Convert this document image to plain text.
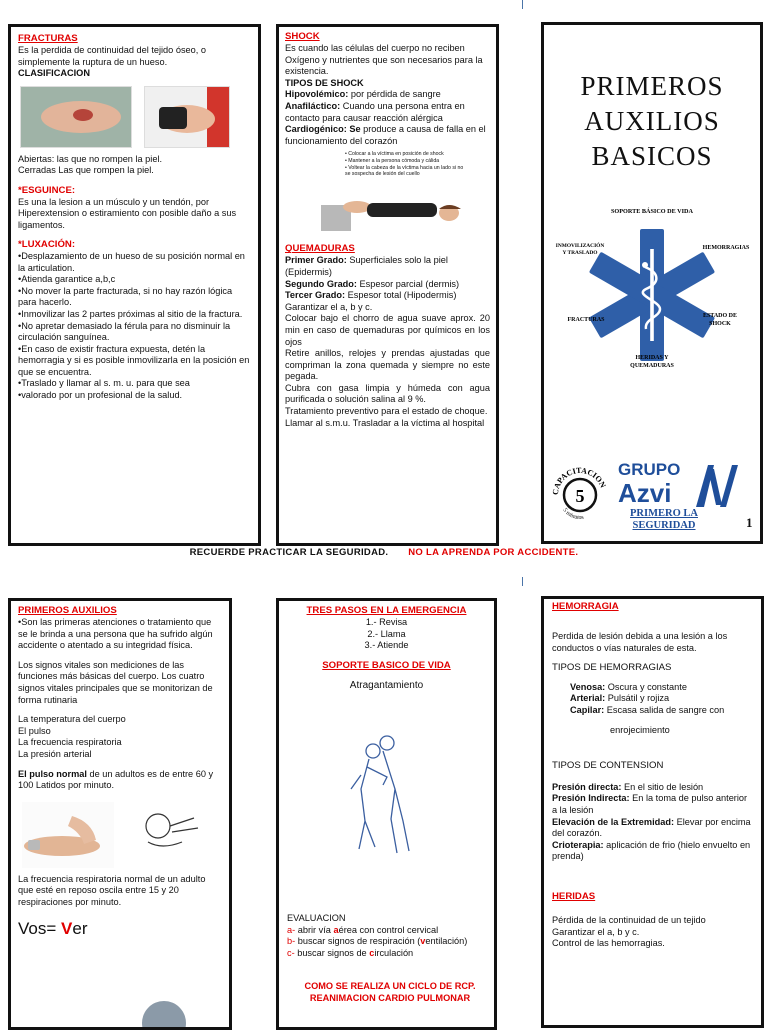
FRACTURAS

Es la perdida de continuidad del tejido óseo, o simplemente la ruptura de un hueso.

CLASIFICACION

Abiertas: las que no rompen la piel.

Cerradas Las que rompen la piel.

*ESGUINCE:

Es una la lesion a un músculo y un tendón, por Hiperextension o estiramiento con posible daño a sus ligamentos.

*LUXACIÓN:

•Desplazamiento de un hueso de su posición normal en la articulation.

•Atienda garantice a,b,c

•No mover la parte fracturada, si no hay razón lógica para hacerlo.

•Inmovilizar las 2 partes próximas al sitio de la fractura.

•No apretar demasiado la férula para no disminuir la circulación sanguínea.

•En caso de existir fractura expuesta, detén la hemorragia y si es posible inmovilizarla en la posición en que se encuentra.

•Traslado y llamar al s. m. u. para que sea

•valorado por un profesional de la salud.

SHOCK

Es cuando las células del cuerpo no reciben Oxígeno y nutrientes que son necesarios para la existencia.

TIPOS DE SHOCK

Hipovolémico: por pérdida de sangre

Anafiláctico: Cuando una persona entra en contacto para causar reacción alérgica

Cardiogénico: Se produce a causa de falla en el funcionamiento del corazón

• Colocar a la víctima en posición de shock

• Mantener a la persona cómoda y cálida

• Voltear la cabeza de la víctima hacia un lado si no se sospecha de lesión del cuello

QUEMADURAS

Primer Grado: Superficiales solo la piel (Epidermis)

Segundo Grado: Espesor parcial (dermis)

Tercer Grado: Espesor total (Hipodermis)

Garantizar el a, b y c.

Colocar bajo el chorro de agua suave aprox. 20 min en caso de quemaduras por químicos en los ojos

Retire anillos, relojes y prendas ajustadas que compriman la zona quemada y siempre no este pegada.

Cubra con gasa limpia y húmeda con agua purificada o solución salina al 9 %.

Tratamiento preventivo para el estado de choque.

Llamar al s.m.u. Trasladar a la víctima al hospital

PRIMEROS
AUXILIOS
BASICOS
SOPORTE BÁSICO DE VIDA
INMOVILIZACIÓN
Y TRASLADO
HEMORRAGIAS
FRACTURAS
ESTADO DE
SHOCK
HERIDAS Y
QUEMADURAS
CAPACITACION
5 minutos
5
GRUPO
Azvi
PRIMERO LA
SEGURIDAD	1
RECUERDE PRACTICAR LA SEGURIDAD. NO LA APRENDA POR ACCIDENTE.

PRIMEROS AUXILIOS

•Son las primeras atenciones o tratamiento que se le brinda a una persona que ha sufrido algún accidente o atentado a su integridad física.

Los signos vitales son mediciones de las funciones más básicas del cuerpo. Los cuatro signos vitales principales que se monitorizan de forma rutinaria

La temperatura del cuerpo

El pulso

La frecuencia respiratoria

La presión arterial

El pulso normal de un adultos es de entre 60 y 100 Latidos por minuto.

La frecuencia respiratoria normal de un adulto que esté en reposo oscila entre 15 y 20 respiraciones por minuto.

Vos= Ver

TRES PASOS EN LA EMERGENCIA

1.- Revisa

2.- Llama

3.- Atiende

SOPORTE BASICO DE VIDA

Atragantamiento

EVALUACION

a- abrir vía aérea con control cervical

b- buscar signos de respiración (ventilación)

c- buscar signos de circulación

COMO SE REALIZA UN CICLO DE RCP.

REANIMACION CARDIO PULMONAR

HEMORRAGIA

Perdida de lesión debida a una lesión a los conductos o vías naturales de esta.

TIPOS DE HEMORRAGIAS

Venosa: Oscura y constante

Arterial: Pulsátil y rojiza

Capilar: Escasa salida de sangre con

enrojecimiento

TIPOS DE CONTENSION

Presión directa: En el sitio de lesión

Presión Indirecta: En la toma de pulso anterior a la lesión

Elevación de la Extremidad: Elevar por encima del corazón.

Crioterapia: aplicación de frio (hielo envuelto en prenda)

HERIDAS

Pérdida de la continuidad de un tejido

Garantizar el a, b y c.

Control de las hemorragias.
